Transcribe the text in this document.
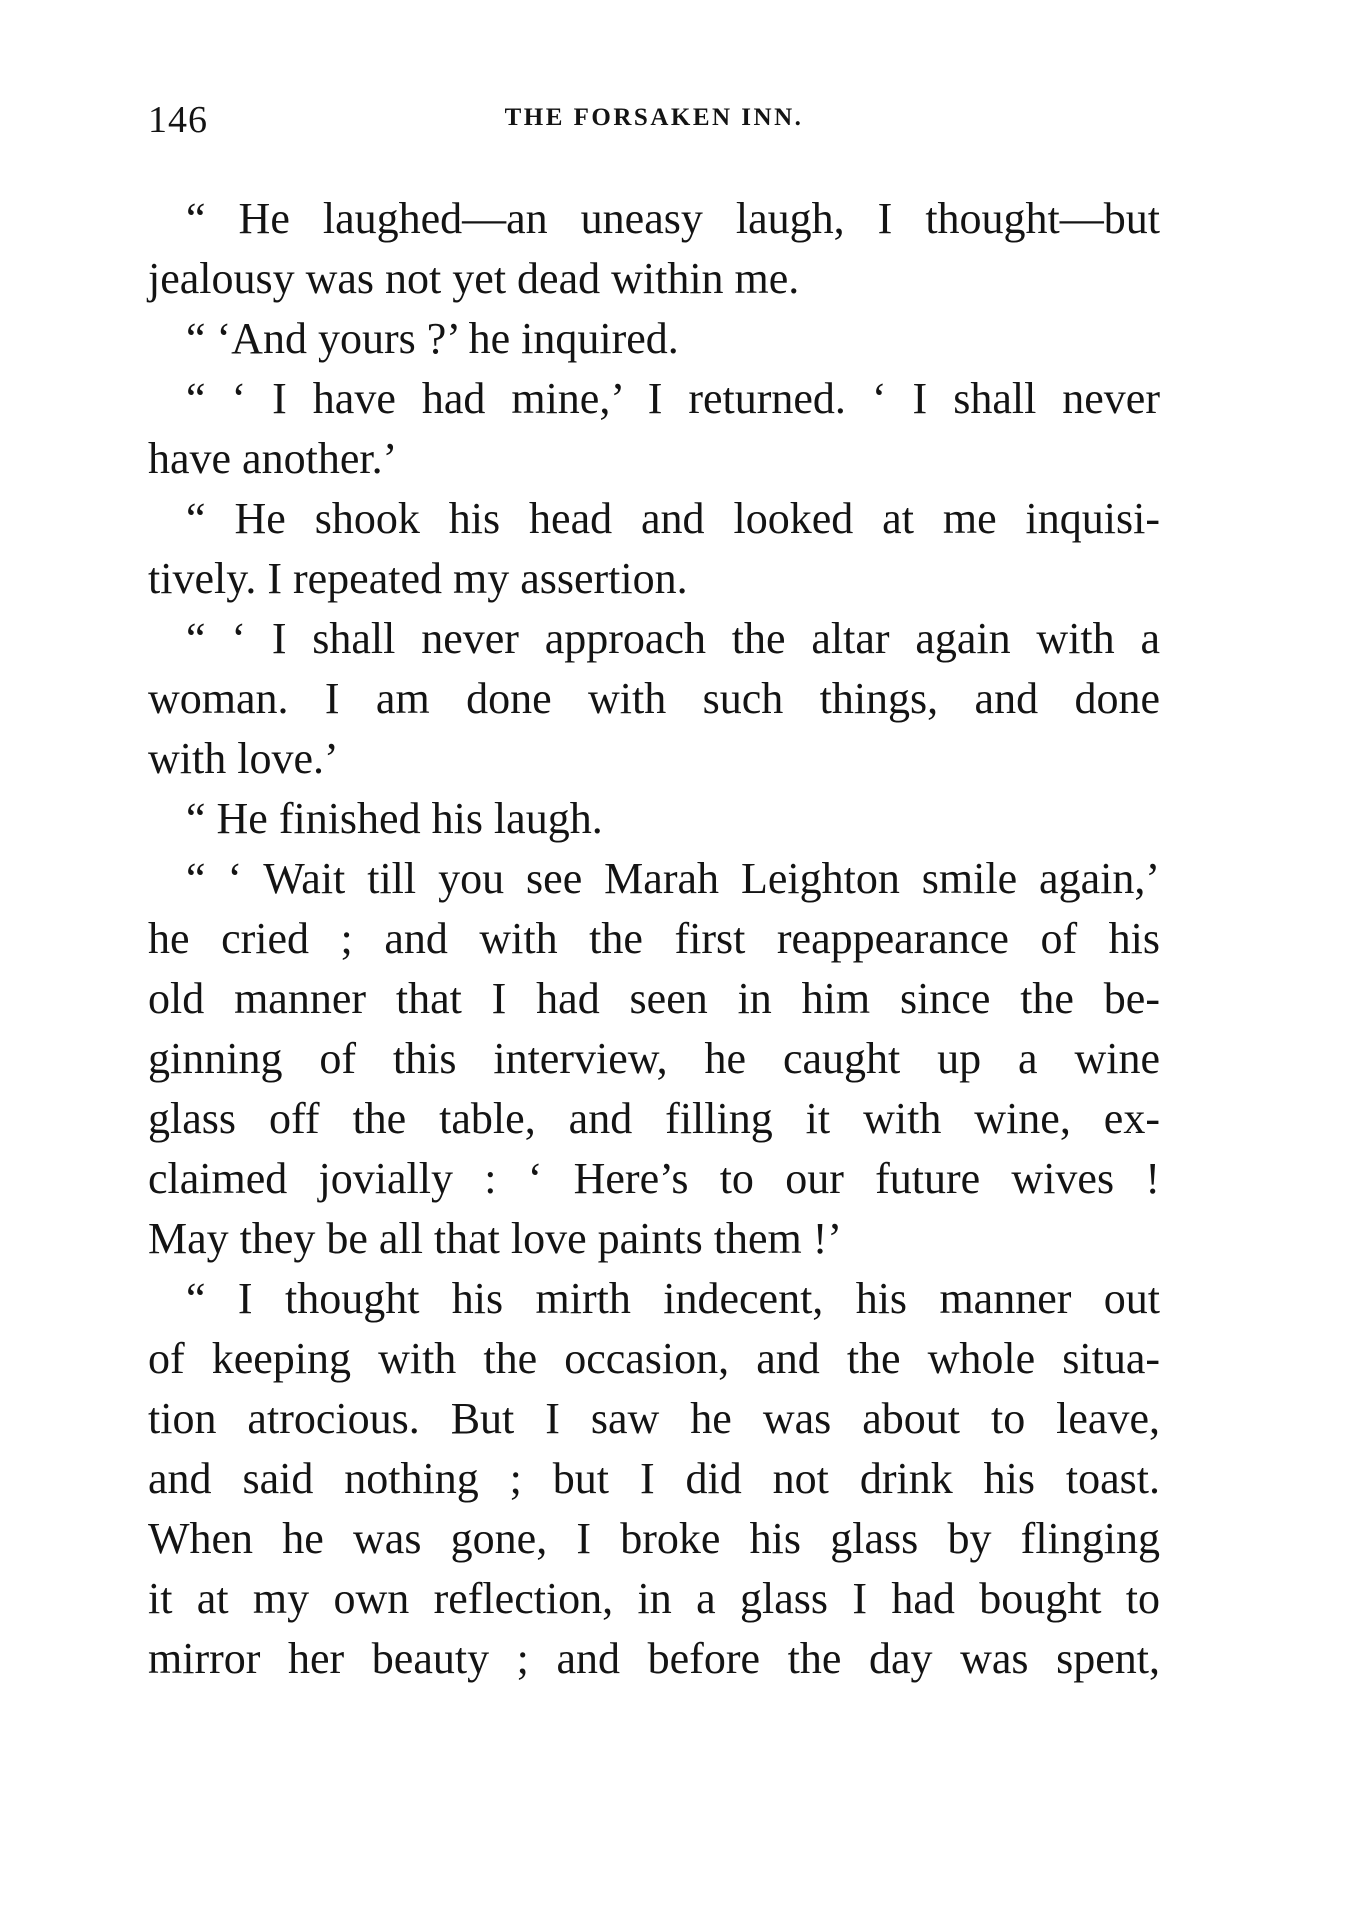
146	THE FORSAKEN INN.
“ He laughed—an uneasy laugh, I thought—but
jealousy was not yet dead within me.
“ ‘And yours ?’ he inquired.
“ ‘ I have had mine,’ I returned. ‘ I shall never
have another.’
“ He shook his head and looked at me inquisi-
tively. I repeated my assertion.
“ ‘ I shall never approach the altar again with a
woman. I am done with such things, and done
with love.’
“ He finished his laugh.
“ ‘ Wait till you see Marah Leighton smile again,’
he cried ; and with the first reappearance of his
old manner that I had seen in him since the be-
ginning of this interview, he caught up a wine
glass off the table, and filling it with wine, ex-
claimed jovially : ‘ Here’s to our future wives !
May they be all that love paints them !’
“ I thought his mirth indecent, his manner out
of keeping with the occasion, and the whole situa-
tion atrocious. But I saw he was about to leave,
and said nothing ; but I did not drink his toast.
When he was gone, I broke his glass by flinging
it at my own reflection, in a glass I had bought to
mirror her beauty ; and before the day was spent,
